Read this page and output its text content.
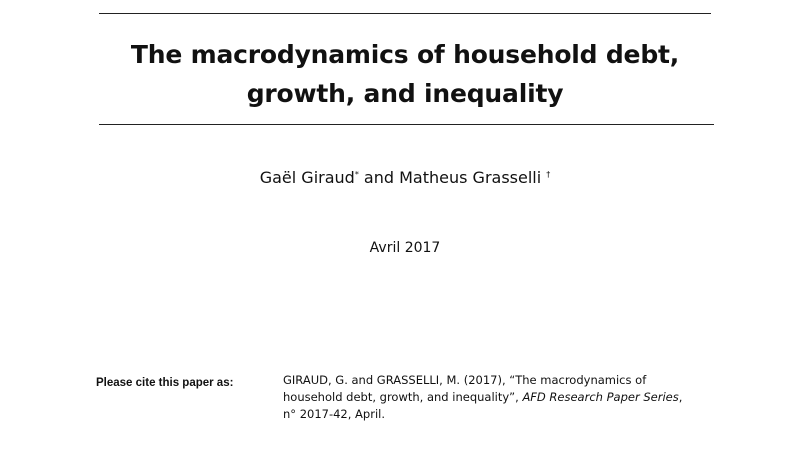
The macrodynamics of household debt,
growth, and inequality
Gaël Giraud* and Matheus Grasselli †
Avril 2017
Please cite this paper as:	GIRAUD, G. and GRASSELLI, M. (2017), “The macrodynamics of
household debt, growth, and inequality”, AFD Research Paper Series,
n° 2017-42, April.
